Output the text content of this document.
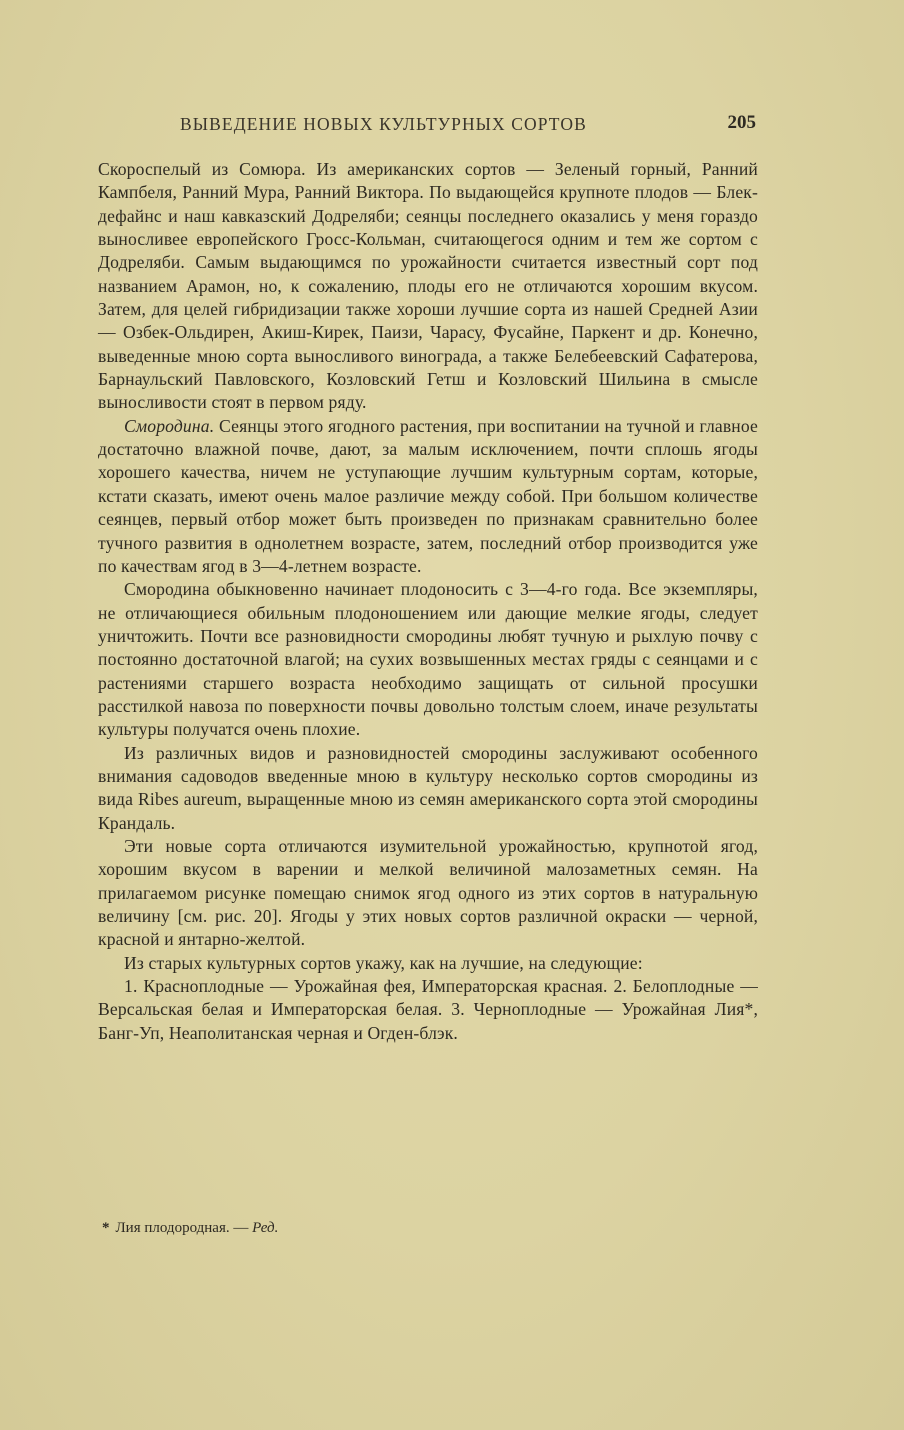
ВЫВЕДЕНИЕ НОВЫХ КУЛЬТУРНЫХ СОРТОВ	205

Скороспелый из Сомюра. Из американских сортов — Зеленый горный, Ранний Кампбеля, Ранний Мура, Ранний Виктора. По выдающейся крупноте плодов — Блек-дефайнс и наш кавказский Додреляби; сеянцы последнего оказались у меня гораздо выносливее европейского Гросс-Кольман, считающегося одним и тем же сортом с Додреляби. Самым выдающимся по урожайности считается известный сорт под названием Арамон, но, к сожалению, плоды его не отличаются хорошим вкусом. Затем, для целей гибридизации также хороши лучшие сорта из нашей Средней Азии — Озбек-Ольдирен, Акиш-Кирек, Паизи, Чарасу, Фусайне, Паркент и др. Конечно, выведенные мною сорта выносливого винограда, а также Белебеевский Сафатерова, Барнаульский Павловского, Козловский Гетш и Козловский Шильина в смысле выносливости стоят в первом ряду.

Смородина. Сеянцы этого ягодного растения, при воспитании на тучной и главное достаточно влажной почве, дают, за малым исключением, почти сплошь ягоды хорошего качества, ничем не уступающие лучшим культурным сортам, которые, кстати сказать, имеют очень малое различие между собой. При большом количестве сеянцев, первый отбор может быть произведен по признакам сравнительно более тучного развития в однолетнем возрасте, затем, последний отбор производится уже по качествам ягод в 3—4-летнем возрасте.

Смородина обыкновенно начинает плодоносить с 3—4-го года. Все экземпляры, не отличающиеся обильным плодоношением или дающие мелкие ягоды, следует уничтожить. Почти все разновидности смородины любят тучную и рыхлую почву с постоянно достаточной влагой; на сухих возвышенных местах гряды с сеянцами и с растениями старшего возраста необходимо защищать от сильной просушки расстилкой навоза по поверхности почвы довольно толстым слоем, иначе результаты культуры получатся очень плохие.

Из различных видов и разновидностей смородины заслуживают особенного внимания садоводов введенные мною в культуру несколько сортов смородины из вида Ribes aureum, выращенные мною из семян американского сорта этой смородины Крандаль.

Эти новые сорта отличаются изумительной урожайностью, крупнотой ягод, хорошим вкусом в варении и мелкой величиной малозаметных семян. На прилагаемом рисунке помещаю снимок ягод одного из этих сортов в натуральную величину [см. рис. 20]. Ягоды у этих новых сортов различной окраски — черной, красной и янтарно-желтой.

Из старых культурных сортов укажу, как на лучшие, на следующие:

1. Красноплодные — Урожайная фея, Императорская красная. 2. Белоплодные — Версальская белая и Императорская белая. 3. Черноплодные — Урожайная Лия*, Банг-Уп, Неаполитанская черная и Огден-блэк.

* Лия плодородная. — Ред.
